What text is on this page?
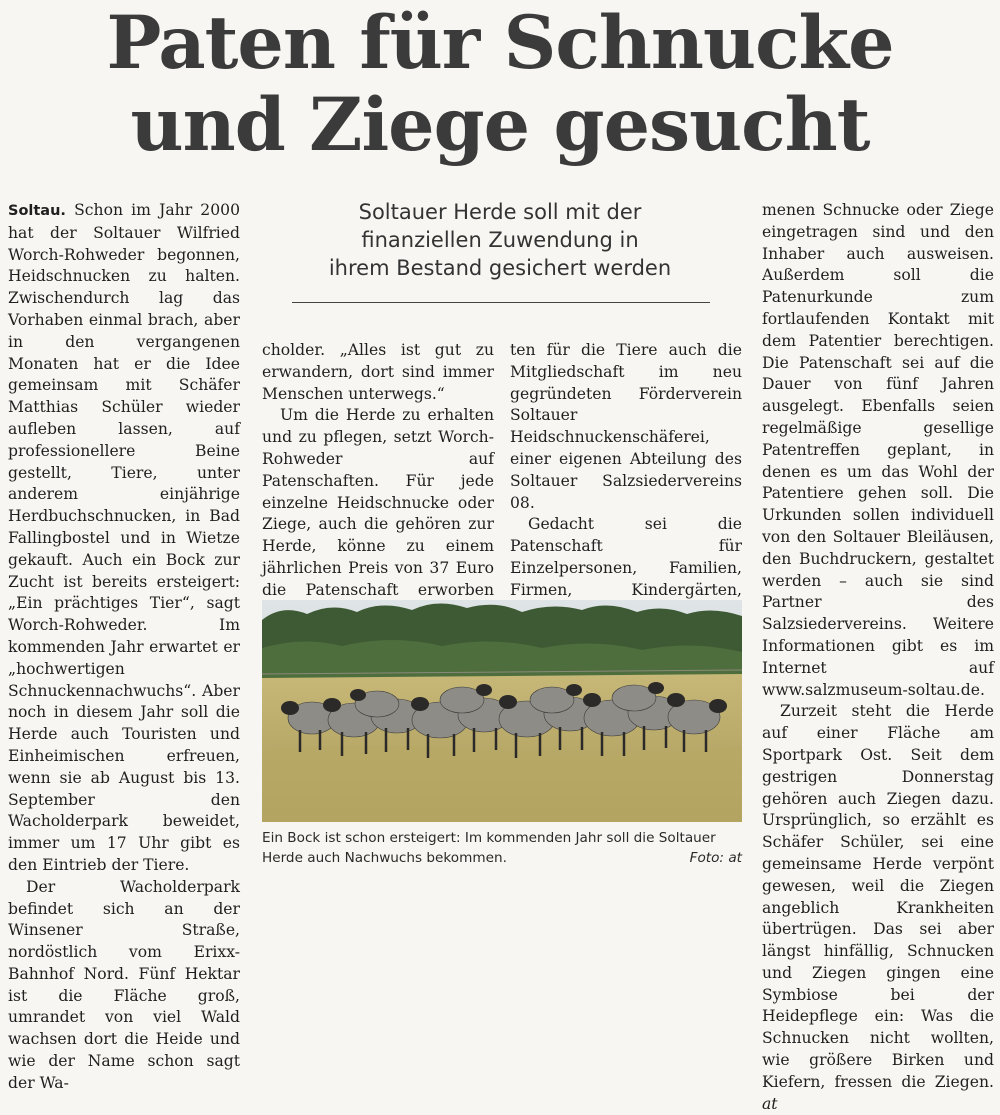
Paten für Schnucke
und Ziege gesucht
Soltauer Herde soll mit der
finanziellen Zuwendung in
ihrem Bestand gesichert werden

Soltau. Schon im Jahr 2000 hat der Soltauer Wilfried Worch-Rohweder begonnen, Heidschnucken zu halten. Zwischendurch lag das Vorhaben einmal brach, aber in den vergangenen Monaten hat er die Idee gemeinsam mit Schäfer Matthias Schüler wieder aufleben lassen, auf professionellere Beine gestellt, Tiere, unter anderem einjährige Herdbuchschnucken, in Bad Fallingbostel und in Wietze gekauft. Auch ein Bock zur Zucht ist bereits ersteigert: „Ein prächtiges Tier“, sagt Worch-Rohweder. Im kommenden Jahr erwartet er „hochwertigen Schnuckennachwuchs“. Aber noch in diesem Jahr soll die Herde auch Touristen und Einheimischen erfreuen, wenn sie ab August bis 13. September den Wacholderpark beweidet, immer um 17 Uhr gibt es den Eintrieb der Tiere.

Der Wacholderpark befindet sich an der Winsener Straße, nordöstlich vom Erixx-Bahnhof Nord. Fünf Hektar ist die Fläche groß, umrandet von viel Wald wachsen dort die Heide und wie der Name schon sagt der Wa-

cholder. „Alles ist gut zu erwandern, dort sind immer Menschen unterwegs.“

Um die Herde zu erhalten und zu pflegen, setzt Worch-Rohweder auf Patenschaften. Für jede einzelne Heidschnucke oder Ziege, auch die gehören zur Herde, könne zu einem jährlichen Preis von 37 Euro die Patenschaft erworben

ten für die Tiere auch die Mitgliedschaft im neu gegründeten Förderverein Soltauer Heidschnuckenschäferei, einer eigenen Abteilung des Soltauer Salzsiedervereins 08.

Gedacht sei die Patenschaft für Einzelpersonen, Familien, Firmen, Kindergärten,

menen Schnucke oder Ziege eingetragen sind und den Inhaber auch ausweisen. Außerdem soll die Patenurkunde zum fortlaufenden Kontakt mit dem Patentier berechtigen. Die Patenschaft sei auf die Dauer von fünf Jahren ausgelegt. Ebenfalls seien regelmäßige gesellige Patentreffen geplant, in denen es um das Wohl der Patentiere gehen soll. Die Urkunden sollen individuell von den Soltauer Bleiläusen, den Buchdruckern, gestaltet werden – auch sie sind Partner des Salzsiedervereins. Weitere Informationen gibt es im Internet auf www.salzmuseum-soltau.de.

Zurzeit steht die Herde auf einer Fläche am Sportpark Ost. Seit dem gestrigen Donnerstag gehören auch Ziegen dazu. Ursprünglich, so erzählt es Schäfer Schüler, sei eine gemeinsame Herde verpönt gewesen, weil die Ziegen angeblich Krankheiten übertrügen. Das sei aber längst hinfällig, Schnucken und Ziegen gingen eine Symbiose bei der Heidepflege ein: Was die Schnucken nicht wollten, wie größere Birken und Kiefern, fressen die Ziegen. at

Ein Bock ist schon ersteigert: Im kommenden Jahr soll die Soltauer Herde auch Nachwuchs bekommen.	Foto: at
